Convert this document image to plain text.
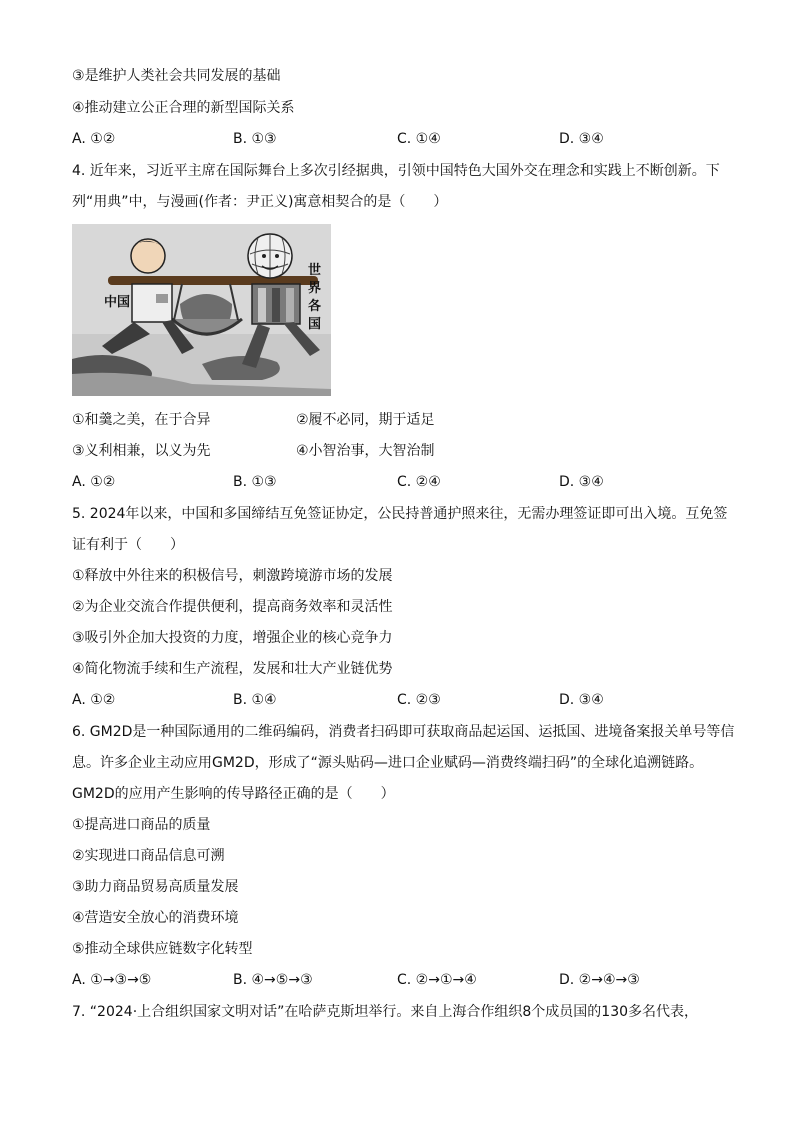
③是维护人类社会共同发展的基础
④推动建立公正合理的新型国际关系
A. ①②	B. ①③	C. ①④	D. ③④
4. 近年来，习近平主席在国际舞台上多次引经据典，引领中国特色大国外交在理念和实践上不断创新。下
列“用典”中，与漫画(作者：尹正义)寓意相契合的是（　　）
中国
世
界
各
国
①和羹之美，在于合异	②履不必同，期于适足
③义利相兼，以义为先	④小智治事，大智治制
A. ①②	B. ①③	C. ②④	D. ③④
5. 2024年以来，中国和多国缔结互免签证协定，公民持普通护照来往，无需办理签证即可出入境。互免签
证有利于（　　）
①释放中外往来的积极信号，刺激跨境游市场的发展
②为企业交流合作提供便利，提高商务效率和灵活性
③吸引外企加大投资的力度，增强企业的核心竞争力
④简化物流手续和生产流程，发展和壮大产业链优势
A. ①②	B. ①④	C. ②③	D. ③④
6. GM2D是一种国际通用的二维码编码，消费者扫码即可获取商品起运国、运抵国、进境备案报关单号等信
息。许多企业主动应用GM2D，形成了“源头贴码—进口企业赋码—消费终端扫码”的全球化追溯链路。
GM2D的应用产生影响的传导路径正确的是（　　）
①提高进口商品的质量
②实现进口商品信息可溯
③助力商品贸易高质量发展
④营造安全放心的消费环境
⑤推动全球供应链数字化转型
A. ①→③→⑤	B. ④→⑤→③	C. ②→①→④	D. ②→④→③
7. “2024·上合组织国家文明对话”在哈萨克斯坦举行。来自上海合作组织8个成员国的130多名代表，
